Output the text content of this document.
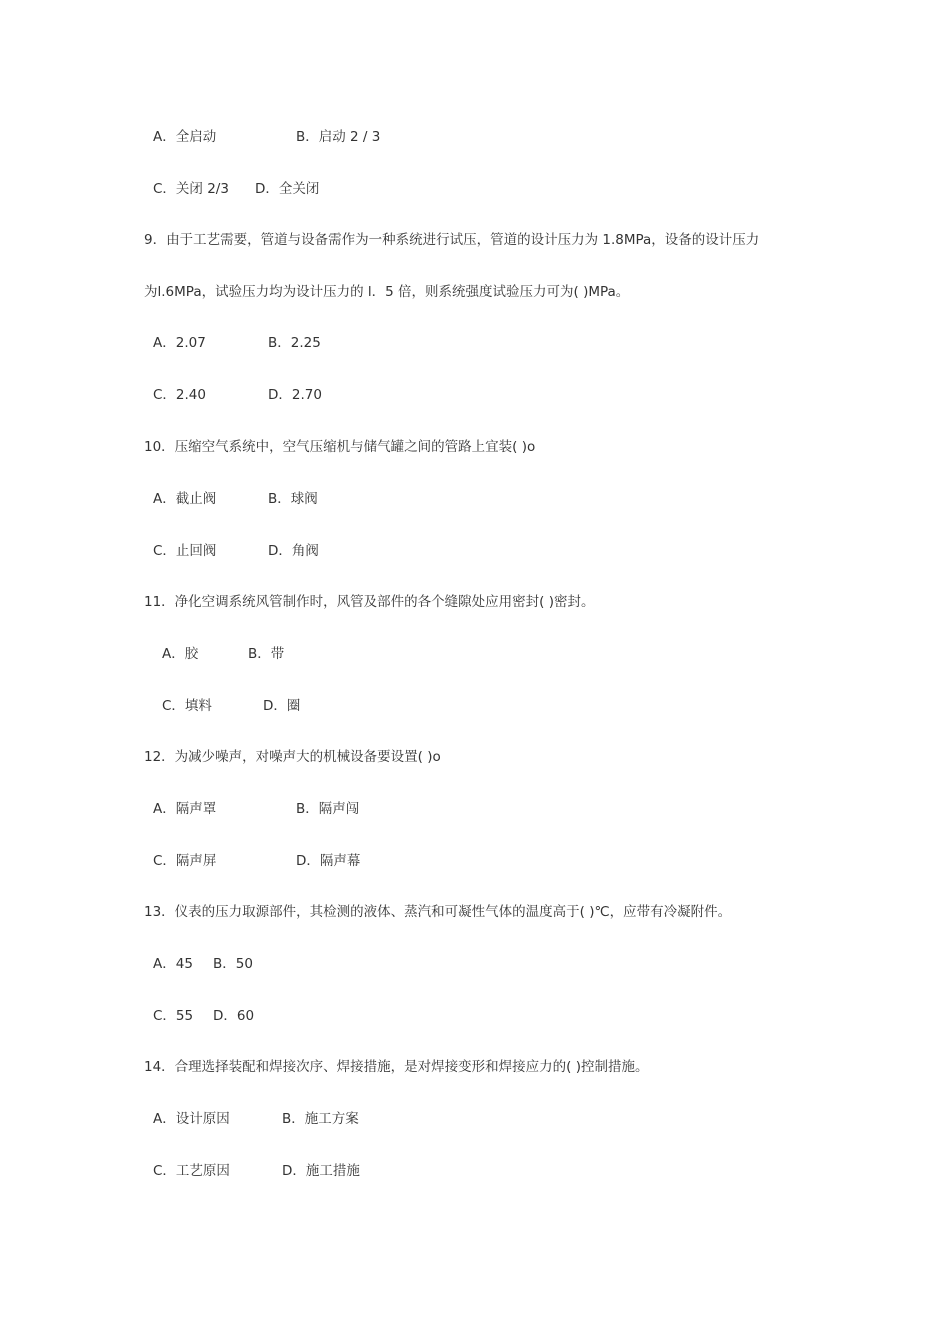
A．全启动	B．启动 2 / 3
C．关闭 2/3 D．全关闭
9．由于工艺需要，管道与设备需作为一种系统进行试压，管道的设计压力为 1.8MPa，设备的设计压力
为l.6MPa，试验压力均为设计压力的 l．5 倍，则系统强度试验压力可为( )MPa。
A．2.07	B．2.25
C．2.40	D．2.70
10．压缩空气系统中，空气压缩机与储气罐之间的管路上宜装( )o
A．截止阀	B．球阀
C．止回阀	D．角阀
11．净化空调系统风管制作时，风管及部件的各个缝隙处应用密封( )密封。
A．胶	B．带
C．填料	D．圈
12．为减少噪声，对噪声大的机械设备要设置( )o
A．隔声罩	B．隔声闯
C．隔声屏	D．隔声幕
13．仪表的压力取源部件，其检测的液体、蒸汽和可凝性气体的温度高于( )℃，应带有冷凝附件。
A．45 B．50
C．55 D．60
14．合理选择装配和焊接次序、焊接措施，是对焊接变形和焊接应力的( )控制措施。
A．设计原因	B．施工方案
C．工艺原因	D．施工措施
